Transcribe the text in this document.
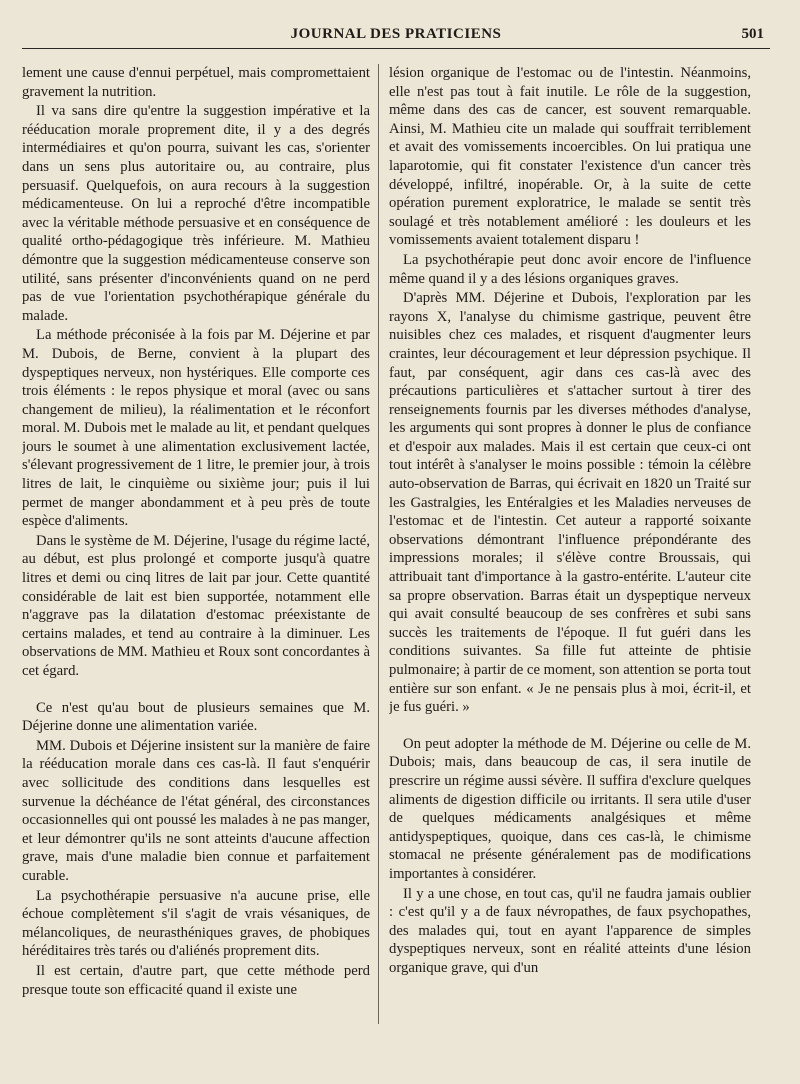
JOURNAL DES PRATICIENS	501

lement une cause d'ennui perpétuel, mais compromettaient gravement la nutrition.

Il va sans dire qu'entre la suggestion impérative et la rééducation morale proprement dite, il y a des degrés intermédiaires et qu'on pourra, suivant les cas, s'orienter dans un sens plus autoritaire ou, au contraire, plus persuasif. Quelquefois, on aura recours à la suggestion médicamenteuse. On lui a reproché d'être incompatible avec la véritable méthode persuasive et en conséquence de qualité ortho-pédagogique très inférieure. M. Mathieu démontre que la suggestion médicamenteuse conserve son utilité, sans présenter d'inconvénients quand on ne perd pas de vue l'orientation psychothérapique générale du malade.

La méthode préconisée à la fois par M. Déjerine et par M. Dubois, de Berne, convient à la plupart des dyspeptiques nerveux, non hystériques. Elle comporte ces trois éléments : le repos physique et moral (avec ou sans changement de milieu), la réalimentation et le réconfort moral. M. Dubois met le malade au lit, et pendant quelques jours le soumet à une alimentation exclusivement lactée, s'élevant progressivement de 1 litre, le premier jour, à trois litres de lait, le cinquième ou sixième jour; puis il lui permet de manger abondamment et à peu près de toute espèce d'aliments.

Dans le système de M. Déjerine, l'usage du régime lacté, au début, est plus prolongé et comporte jusqu'à quatre litres et demi ou cinq litres de lait par jour. Cette quantité considérable de lait est bien supportée, notamment elle n'aggrave pas la dilatation d'estomac préexistante de certains malades, et tend au contraire à la diminuer. Les observations de MM. Mathieu et Roux sont concordantes à cet égard.

Ce n'est qu'au bout de plusieurs semaines que M. Déjerine donne une alimentation variée.

MM. Dubois et Déjerine insistent sur la manière de faire la rééducation morale dans ces cas-là. Il faut s'enquérir avec sollicitude des conditions dans lesquelles est survenue la déchéance de l'état général, des circonstances occasionnelles qui ont poussé les malades à ne pas manger, et leur démontrer qu'ils ne sont atteints d'aucune affection grave, mais d'une maladie bien connue et parfaitement curable.

La psychothérapie persuasive n'a aucune prise, elle échoue complètement s'il s'agit de vrais vésaniques, de mélancoliques, de neurasthéniques graves, de phobiques héréditaires très tarés ou d'aliénés proprement dits.

Il est certain, d'autre part, que cette méthode perd presque toute son efficacité quand il existe une

lésion organique de l'estomac ou de l'intestin. Néanmoins, elle n'est pas tout à fait inutile. Le rôle de la suggestion, même dans des cas de cancer, est souvent remarquable. Ainsi, M. Mathieu cite un malade qui souffrait terriblement et avait des vomissements incoercibles. On lui pratiqua une laparotomie, qui fit constater l'existence d'un cancer très développé, infiltré, inopérable. Or, à la suite de cette opération purement exploratrice, le malade se sentit très soulagé et très notablement amélioré : les douleurs et les vomissements avaient totalement disparu !

La psychothérapie peut donc avoir encore de l'influence même quand il y a des lésions organiques graves.

D'après MM. Déjerine et Dubois, l'exploration par les rayons X, l'analyse du chimisme gastrique, peuvent être nuisibles chez ces malades, et risquent d'augmenter leurs craintes, leur découragement et leur dépression psychique. Il faut, par conséquent, agir dans ces cas-là avec des précautions particulières et s'attacher surtout à tirer des renseignements fournis par les diverses méthodes d'analyse, les arguments qui sont propres à donner le plus de confiance et d'espoir aux malades. Mais il est certain que ceux-ci ont tout intérêt à s'analyser le moins possible : témoin la célèbre auto-observation de Barras, qui écrivait en 1820 un Traité sur les Gastralgies, les Entéralgies et les Maladies nerveuses de l'estomac et de l'intestin. Cet auteur a rapporté soixante observations démontrant l'influence prépondérante des impressions morales; il s'élève contre Broussais, qui attribuait tant d'importance à la gastro-entérite. L'auteur cite sa propre observation. Barras était un dyspeptique nerveux qui avait consulté beaucoup de ses confrères et subi sans succès les traitements de l'époque. Il fut guéri dans les conditions suivantes. Sa fille fut atteinte de phtisie pulmonaire; à partir de ce moment, son attention se porta tout entière sur son enfant. « Je ne pensais plus à moi, écrit-il, et je fus guéri. »

On peut adopter la méthode de M. Déjerine ou celle de M. Dubois; mais, dans beaucoup de cas, il sera inutile de prescrire un régime aussi sévère. Il suffira d'exclure quelques aliments de digestion difficile ou irritants. Il sera utile d'user de quelques médicaments analgésiques et même antidyspeptiques, quoique, dans ces cas-là, le chimisme stomacal ne présente généralement pas de modifications importantes à considérer.

Il y a une chose, en tout cas, qu'il ne faudra jamais oublier : c'est qu'il y a de faux névropathes, de faux psychopathes, des malades qui, tout en ayant l'apparence de simples dyspeptiques nerveux, sont en réalité atteints d'une lésion organique grave, qui d'un
